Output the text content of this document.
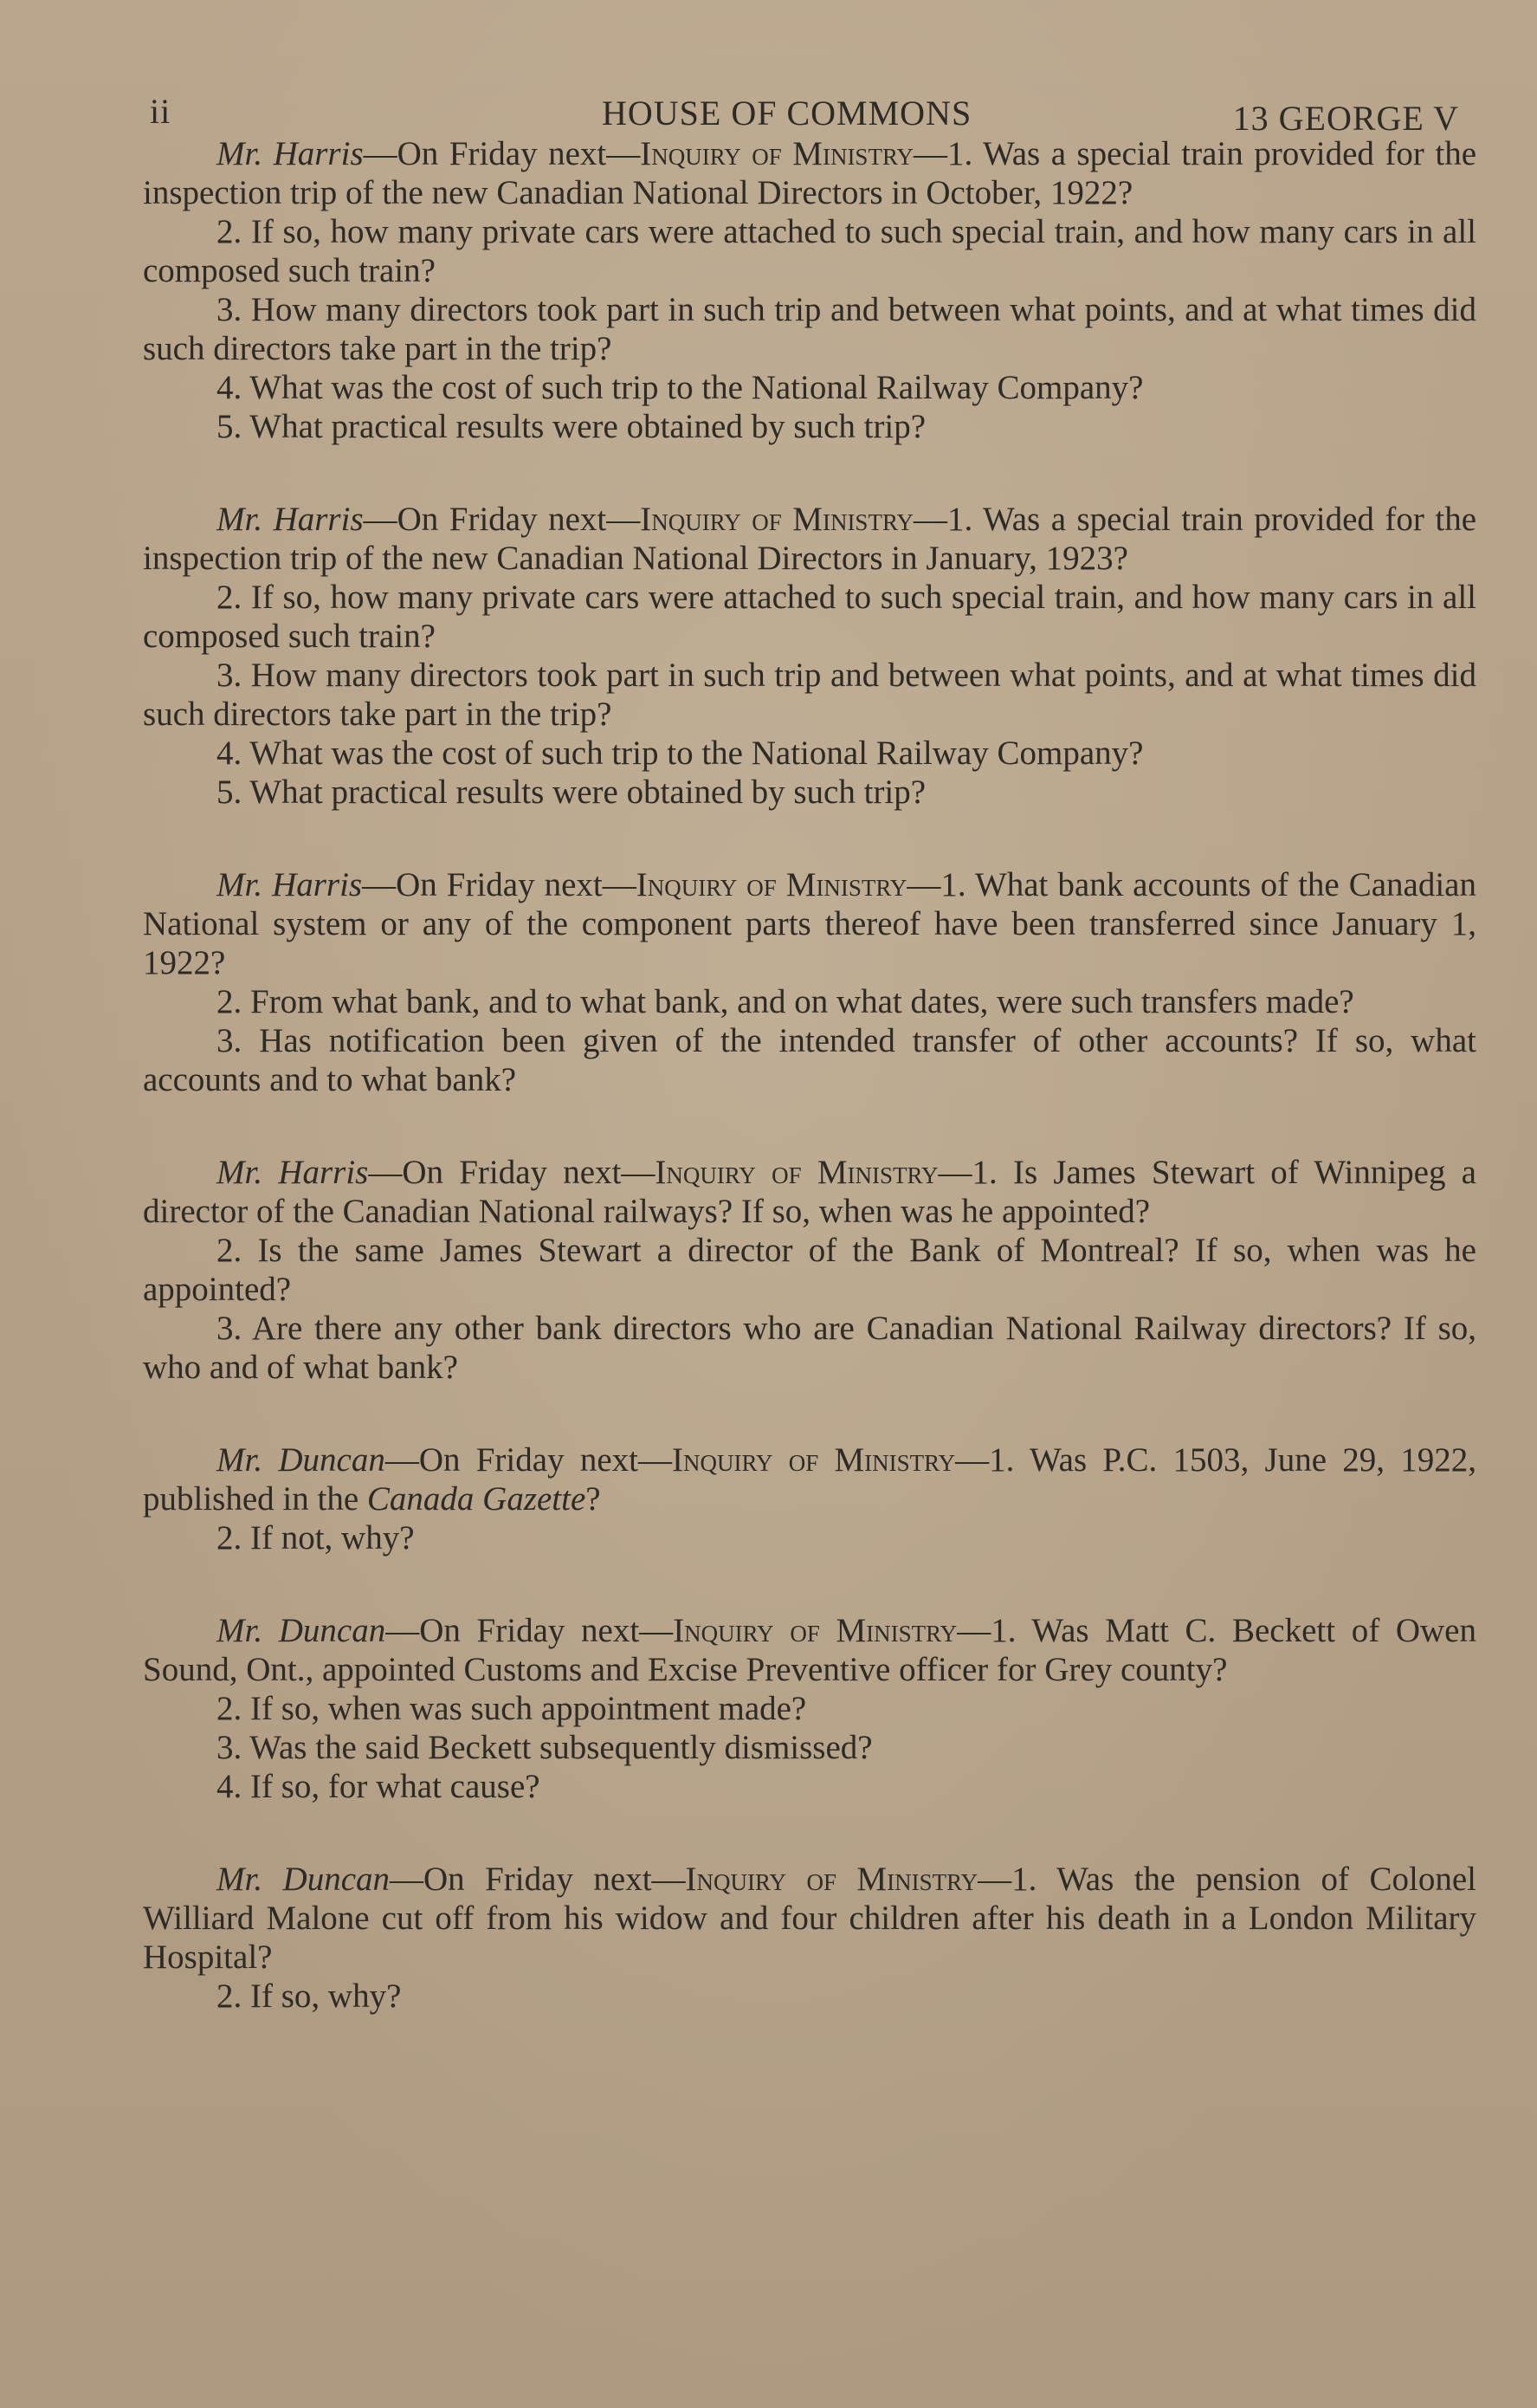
ii	HOUSE OF COMMONS	13 GEORGE V

Mr. Harris—On Friday next—Inquiry of Ministry—1. Was a special train provided for the inspection trip of the new Canadian National Directors in October, 1922?

2. If so, how many private cars were attached to such special train, and how many cars in all composed such train?

3. How many directors took part in such trip and between what points, and at what times did such directors take part in the trip?

4. What was the cost of such trip to the National Railway Company?

5. What practical results were obtained by such trip?

Mr. Harris—On Friday next—Inquiry of Ministry—1. Was a special train provided for the inspection trip of the new Canadian National Directors in January, 1923?

2. If so, how many private cars were attached to such special train, and how many cars in all composed such train?

3. How many directors took part in such trip and between what points, and at what times did such directors take part in the trip?

4. What was the cost of such trip to the National Railway Company?

5. What practical results were obtained by such trip?

Mr. Harris—On Friday next—Inquiry of Ministry—1. What bank accounts of the Canadian National system or any of the component parts thereof have been transferred since January 1, 1922?

2. From what bank, and to what bank, and on what dates, were such transfers made?

3. Has notification been given of the intended transfer of other accounts? If so, what accounts and to what bank?

Mr. Harris—On Friday next—Inquiry of Ministry—1. Is James Stewart of Winnipeg a director of the Canadian National railways? If so, when was he appointed?

2. Is the same James Stewart a director of the Bank of Montreal? If so, when was he appointed?

3. Are there any other bank directors who are Canadian National Railway directors? If so, who and of what bank?

Mr. Duncan—On Friday next—Inquiry of Ministry—1. Was P.C. 1503, June 29, 1922, published in the Canada Gazette?

2. If not, why?

Mr. Duncan—On Friday next—Inquiry of Ministry—1. Was Matt C. Beckett of Owen Sound, Ont., appointed Customs and Excise Preventive officer for Grey county?

2. If so, when was such appointment made?

3. Was the said Beckett subsequently dismissed?

4. If so, for what cause?

Mr. Duncan—On Friday next—Inquiry of Ministry—1. Was the pension of Colonel Williard Malone cut off from his widow and four children after his death in a London Military Hospital?

2. If so, why?
